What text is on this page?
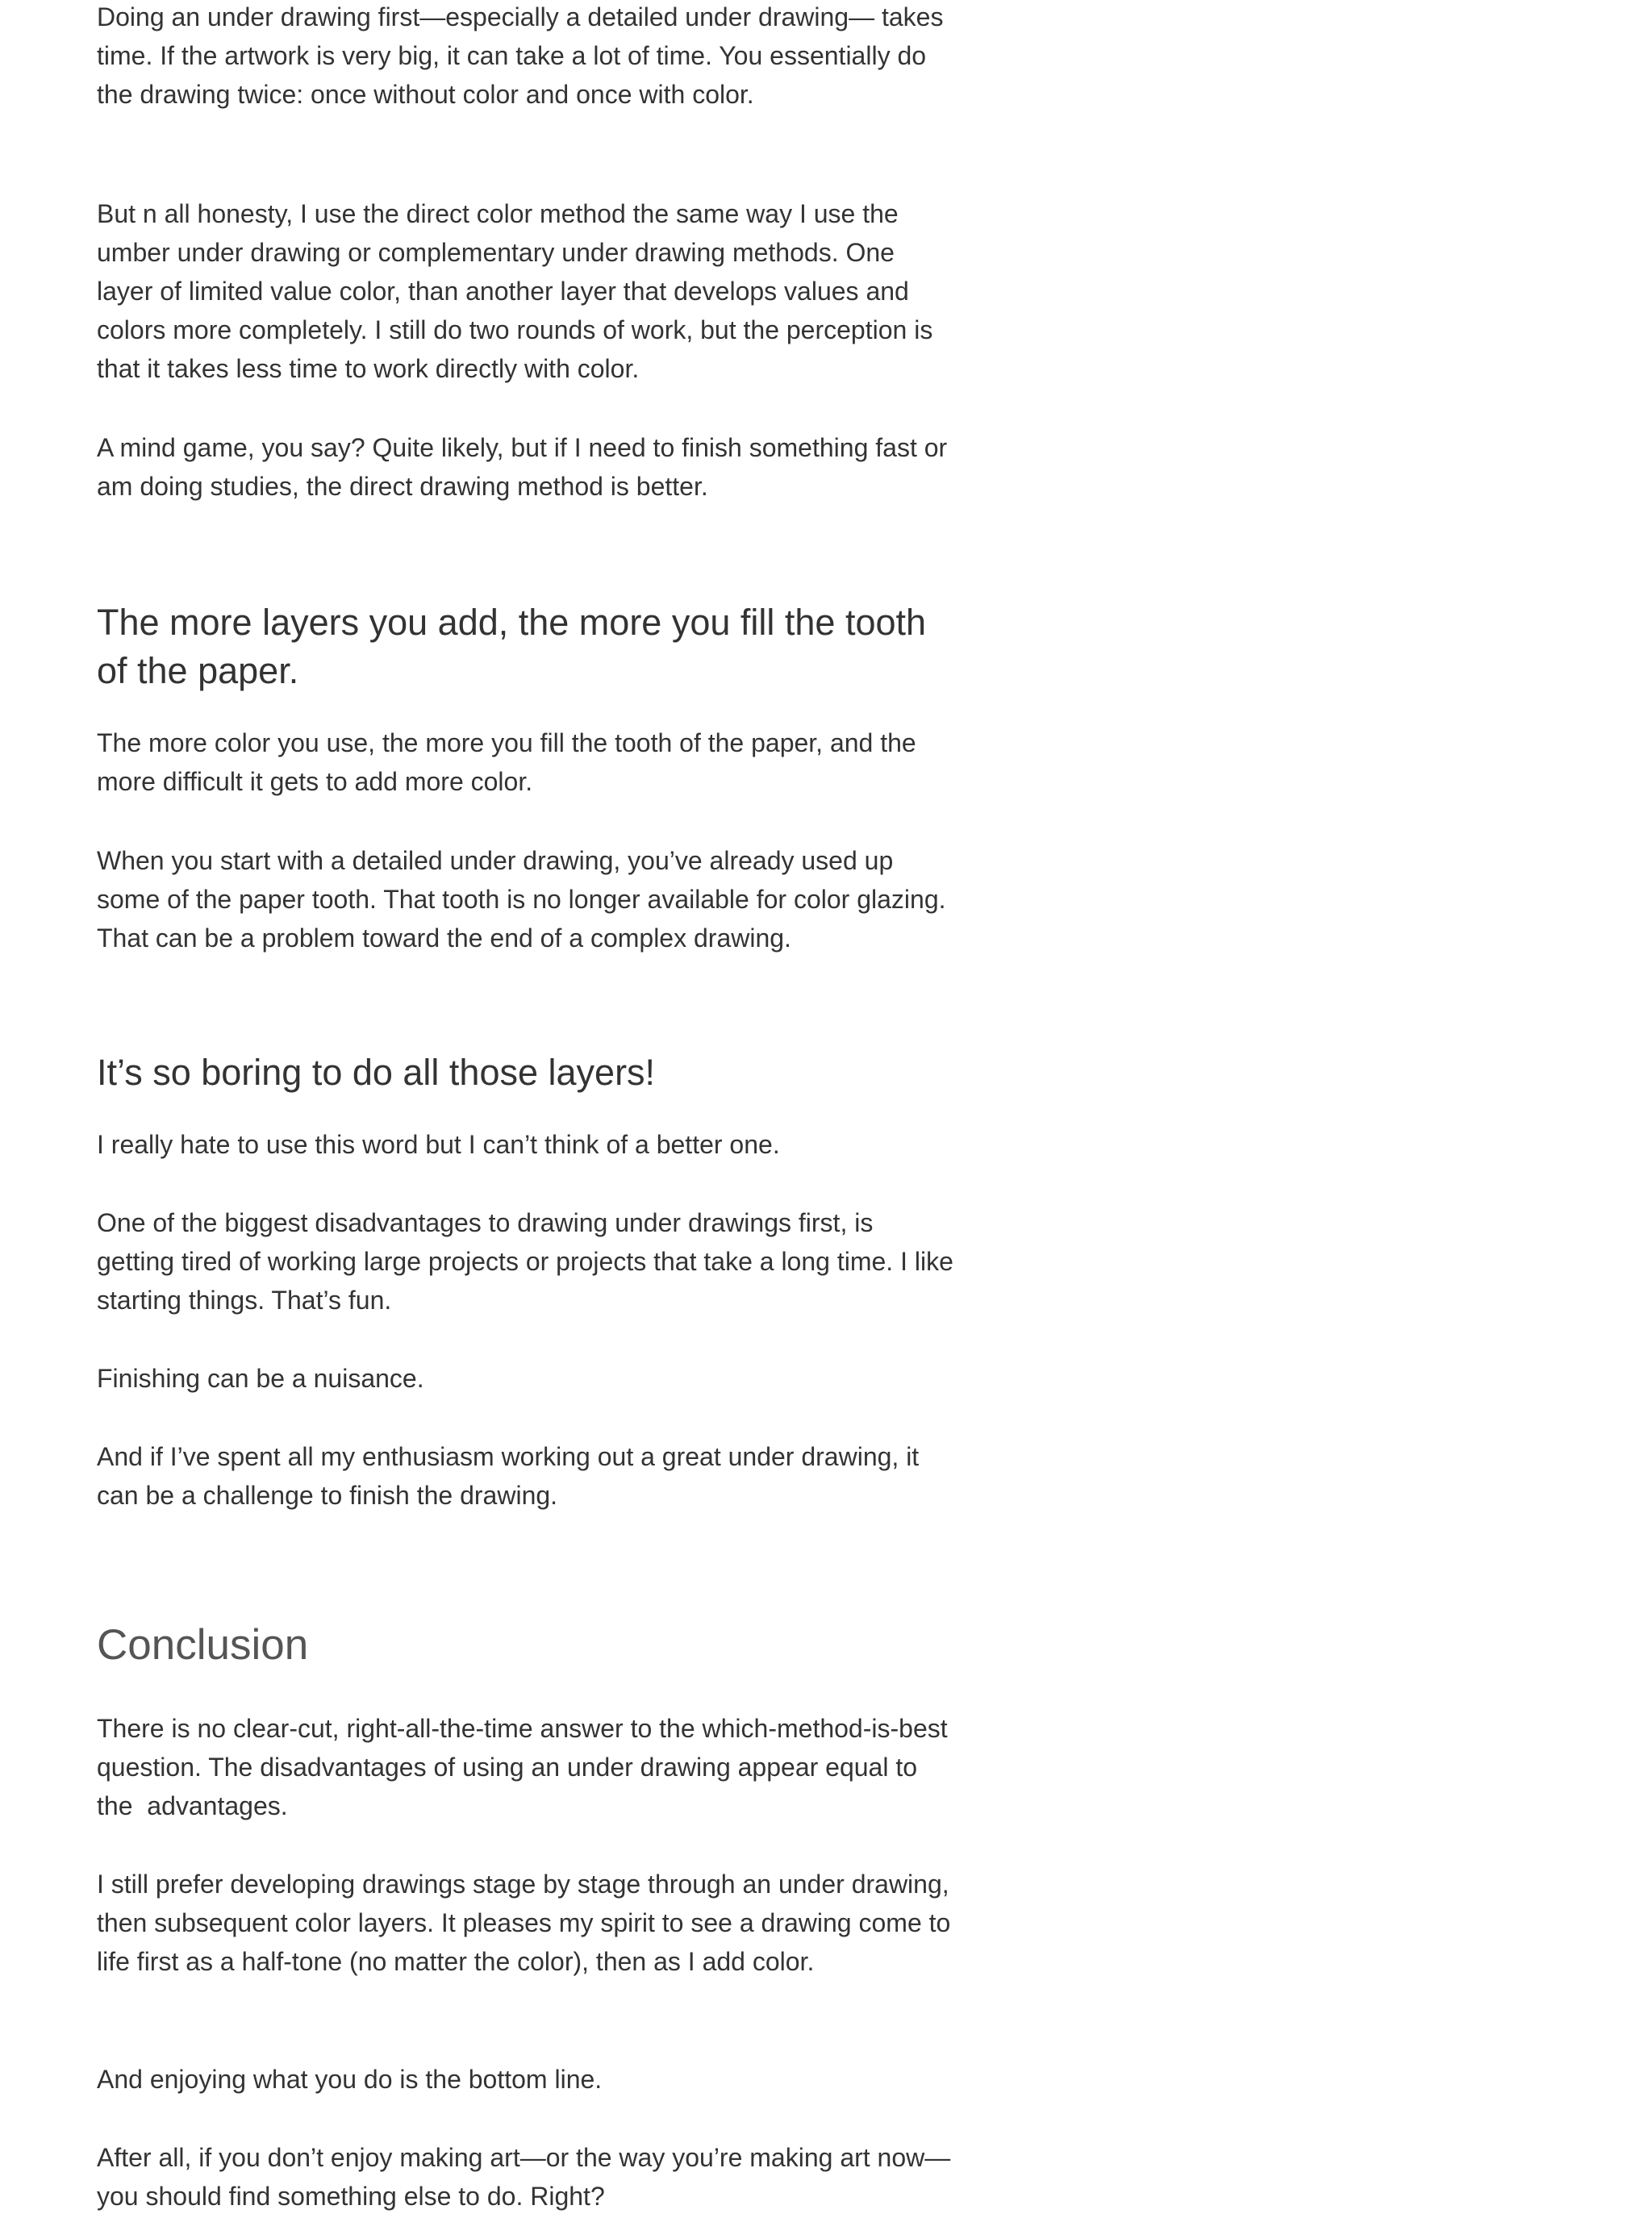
Doing an under drawing first—especially a detailed under drawing— takes time. If the artwork is very big, it can take a lot of time. You essentially do the drawing twice: once without color and once with color.

But n all honesty, I use the direct color method the same way I use the umber under drawing or complementary under drawing methods. One layer of limited value color, than another layer that develops values and colors more completely. I still do two rounds of work, but the perception is that it takes less time to work directly with color.

A mind game, you say? Quite likely, but if I need to finish something fast or am doing studies, the direct drawing method is better.

The more layers you add, the more you fill the tooth of the paper.

The more color you use, the more you fill the tooth of the paper, and the more difficult it gets to add more color.

When you start with a detailed under drawing, you’ve already used up some of the paper tooth. That tooth is no longer available for color glazing. That can be a problem toward the end of a complex drawing.

It’s so boring to do all those layers!

I really hate to use this word but I can’t think of a better one.

One of the biggest disadvantages to drawing under drawings first, is getting tired of working large projects or projects that take a long time. I like starting things. That’s fun.

Finishing can be a nuisance.

And if I’ve spent all my enthusiasm working out a great under drawing, it can be a challenge to finish the drawing.

Conclusion

There is no clear-cut, right-all-the-time answer to the which-method-is-best question. The disadvantages of using an under drawing appear equal to the  advantages.

I still prefer developing drawings stage by stage through an under drawing, then subsequent color layers. It pleases my spirit to see a drawing come to life first as a half-tone (no matter the color), then as I add color.

And enjoying what you do is the bottom line.

After all, if you don’t enjoy making art—or the way you’re making art now—you should find something else to do. Right?
